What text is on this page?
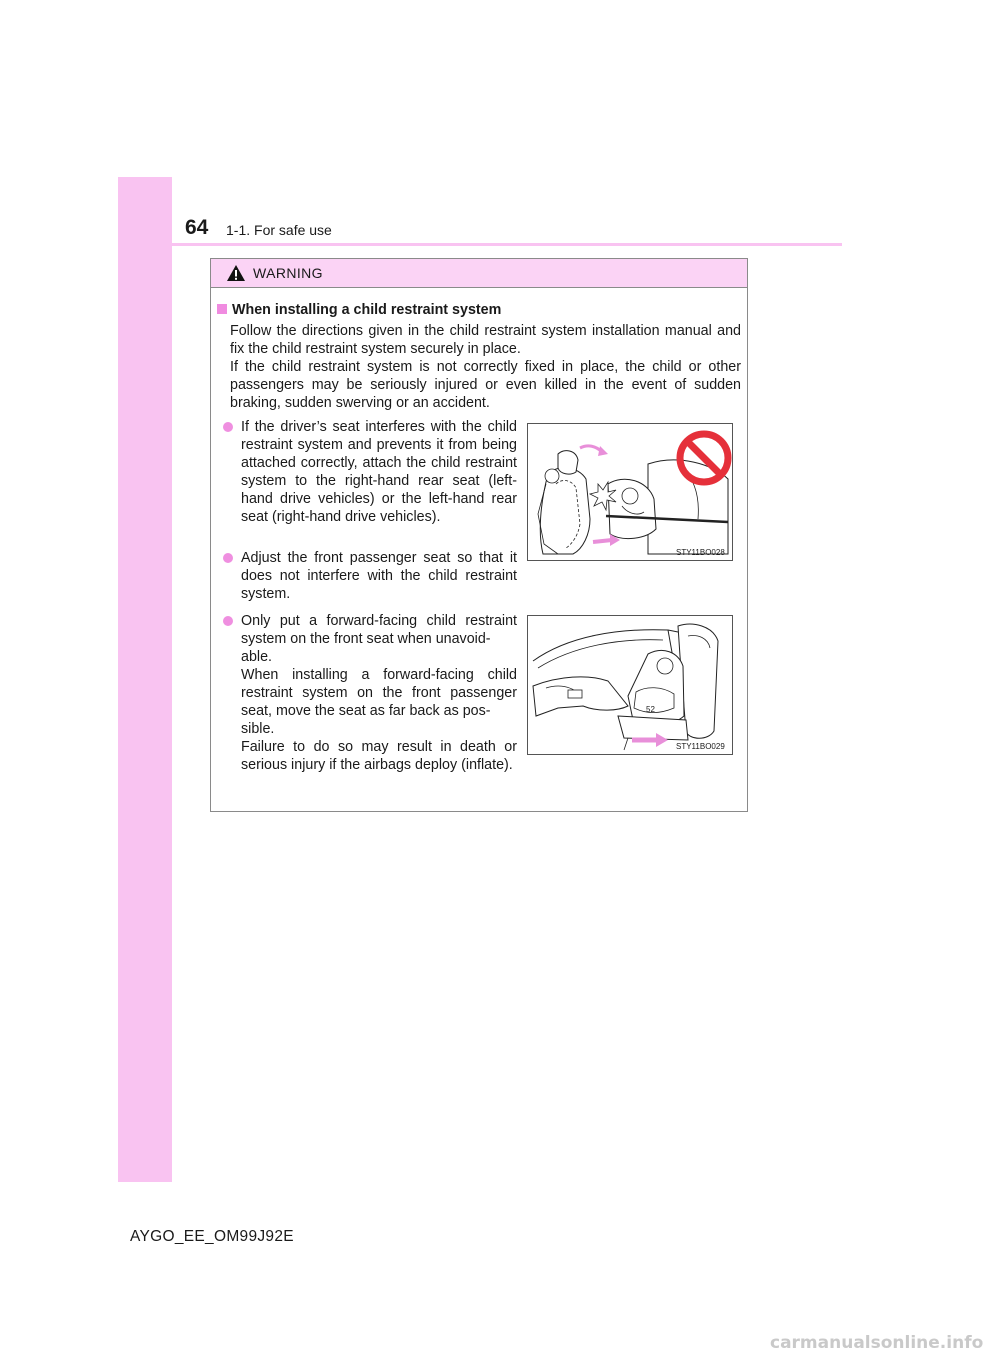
64 1-1. For safe use
WARNING
When installing a child restraint system

Follow the directions given in the child restraint system installation manual and fix the child restraint system securely in place.

If the child restraint system is not correctly fixed in place, the child or other passengers may be seriously injured or even killed in the event of sudden braking, sudden swerving or an accident.

If the driver’s seat interferes with the child restraint system and prevents it from being attached correctly, attach the child restraint system to the right-hand rear seat (left-hand drive vehicles) or the left-hand rear seat (right-hand drive vehicles).
Adjust the front passenger seat so that it does not interfere with the child restraint system.
Only put a forward-facing child restraint system on the front seat when unavoid-
able.
When installing a forward-facing child restraint system on the front passenger seat, move the seat as far back as pos-
sible.
Failure to do so may result in death or serious injury if the airbags deploy (inflate).
STY11BO028
52
STY11BO029
AYGO_EE_OM99J92E
carmanualsonline.info
